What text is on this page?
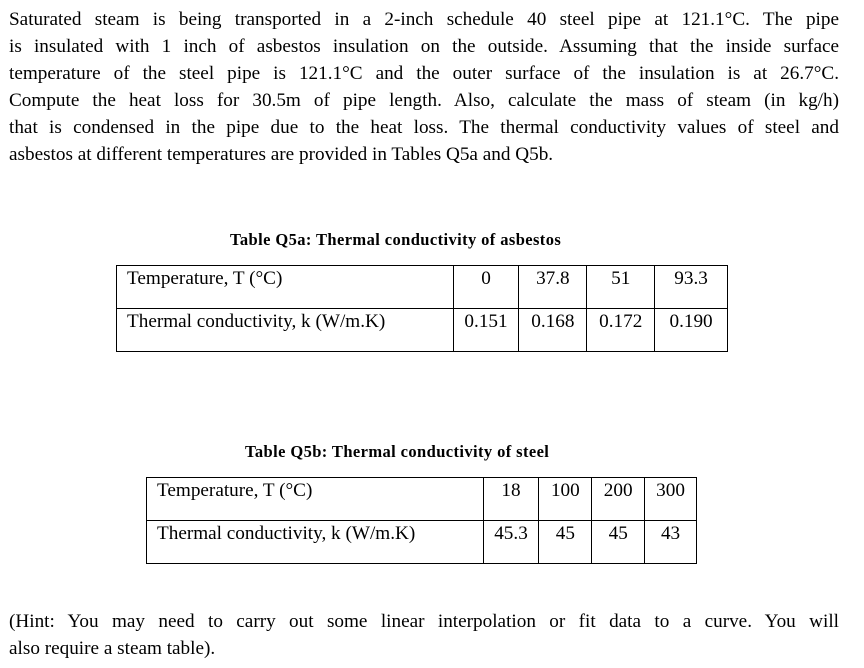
Saturated steam is being transported in a 2-inch schedule 40 steel pipe at 121.1°C. The pipe
is insulated with 1 inch of asbestos insulation on the outside. Assuming that the inside surface
temperature of the steel pipe is 121.1°C and the outer surface of the insulation is at 26.7°C.
Compute the heat loss for 30.5m of pipe length. Also, calculate the mass of steam (in kg/h)
that is condensed in the pipe due to the heat loss. The thermal conductivity values of steel and
asbestos at different temperatures are provided in Tables Q5a and Q5b.
Table Q5a: Thermal conductivity of asbestos
Temperature, T (°C)	0	37.8	51	93.3
Thermal conductivity, k (W/m.K)	0.151	0.168	0.172	0.190
Table Q5b: Thermal conductivity of steel
Temperature, T (°C)	18	100	200	300
Thermal conductivity, k (W/m.K)	45.3	45	45	43
(Hint: You may need to carry out some linear interpolation or fit data to a curve. You will
also require a steam table).
